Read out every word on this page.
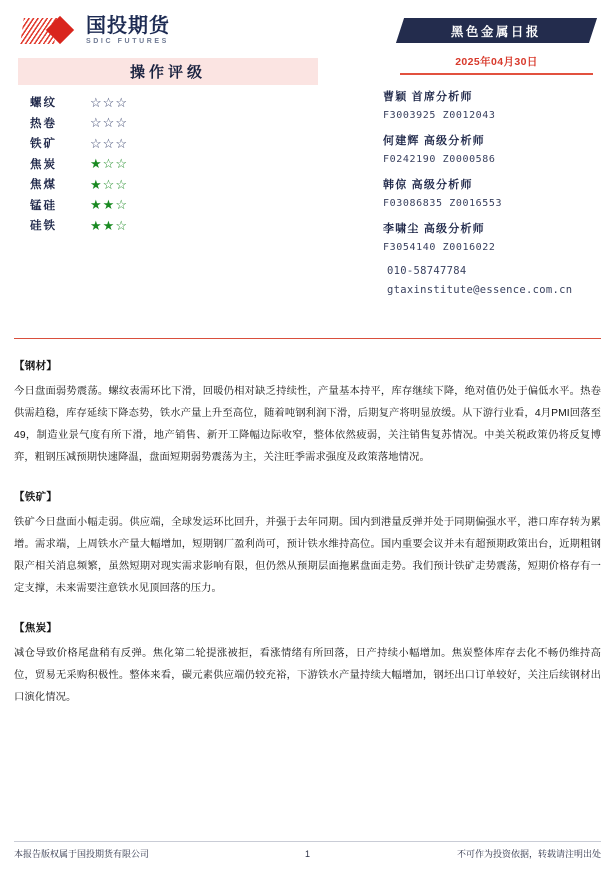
国投期货
SDIC FUTURES
黑色金属日报
2025年04月30日
操作评级
螺纹	☆ ☆ ☆
热卷	☆ ☆ ☆
铁矿	☆ ☆ ☆
焦炭	★ ☆ ☆
焦煤	★ ☆ ☆
锰硅	★ ★ ☆
硅铁	★ ★ ☆
曹颖 首席分析师
F3003925 Z0012043
何建辉 高级分析师
F0242190 Z0000586
韩倞 高级分析师
F03086835 Z0016553
李啸尘 高级分析师
F3054140 Z0016022
010-58747784
gtaxinstitute@essence.com.cn
【钢材】
今日盘面弱势震荡。螺纹表需环比下滑，回暖仍相对缺乏持续性，产量基本持平，库存继续下降，绝对值仍处于偏低水平。热卷供需趋稳，库存延续下降态势，铁水产量上升至高位，随着吨钢利润下滑，后期复产将明显放缓。从下游行业看，4月PMI回落至49，制造业景气度有所下滑，地产销售、新开工降幅边际收窄，整体依然疲弱，关注销售复苏情况。中美关税政策仍将反复博弈，粗钢压减预期快速降温，盘面短期弱势震荡为主，关注旺季需求强度及政策落地情况。
【铁矿】
铁矿今日盘面小幅走弱。供应端，全球发运环比回升，并强于去年同期。国内到港量反弹并处于同期偏强水平，港口库存转为累增。需求端，上周铁水产量大幅增加，短期钢厂盈利尚可，预计铁水维持高位。国内重要会议并未有超预期政策出台，近期粗钢限产相关消息频繁，虽然短期对现实需求影响有限，但仍然从预期层面拖累盘面走势。我们预计铁矿走势震荡，短期价格存有一定支撑，未来需要注意铁水见顶回落的压力。
【焦炭】
减仓导致价格尾盘稍有反弹。焦化第二轮提涨被拒，看涨情绪有所回落，日产持续小幅增加。焦炭整体库存去化不畅仍维持高位，贸易无采购积极性。整体来看，碳元素供应端仍较充裕，下游铁水产量持续大幅增加，钢坯出口订单较好，关注后续钢材出口演化情况。
本报告版权属于国投期货有限公司	1	不可作为投资依据，转载请注明出处
